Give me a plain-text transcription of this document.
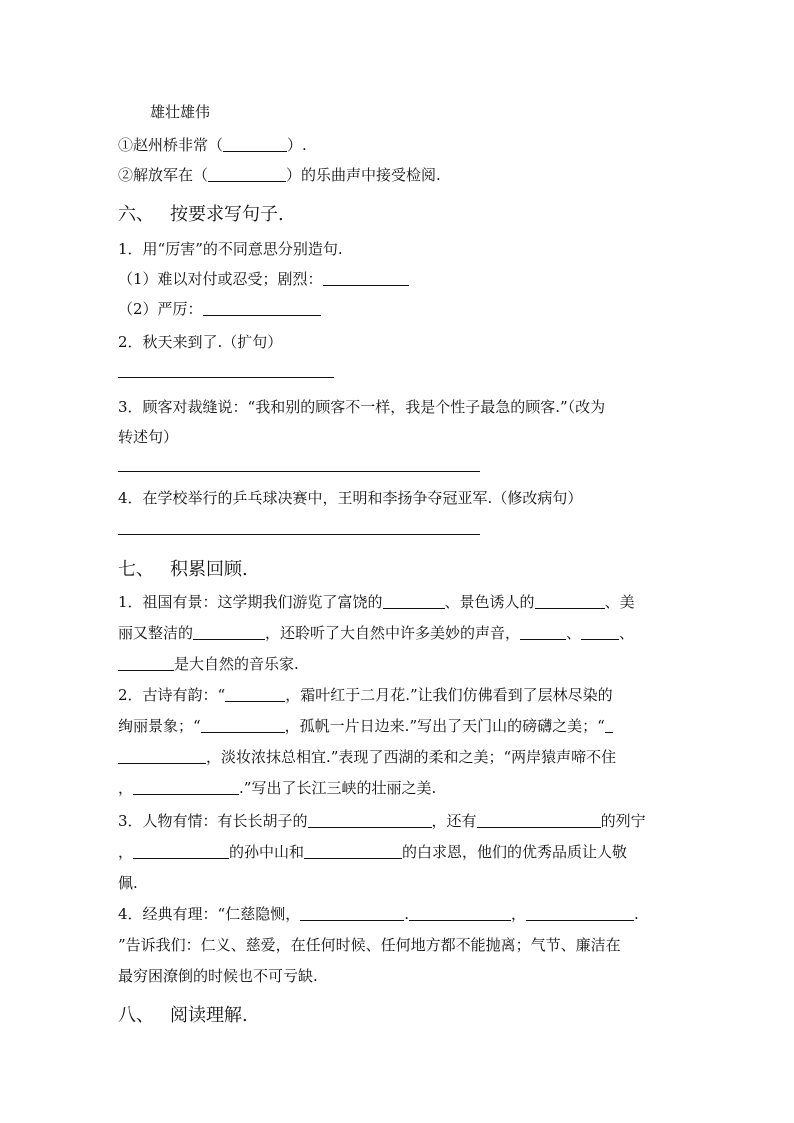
雄壮雄伟
①赵州桥非常（	）.
②解放军在（	）的乐曲声中接受检阅.
六、 按要求写句子.
1．用“厉害”的不同意思分别造句.
（1）难以对付或忍受；剧烈：
（2）严厉：
2．秋天来到了.（扩句）
3．顾客对裁缝说：“我和别的顾客不一样，我是个性子最急的顾客.”（改为
转述句）
4．在学校举行的乒乓球决赛中，王明和李扬争夺冠亚军.（修改病句）
七、 积累回顾.
1．祖国有景：这学期我们游览了富饶的	、景色诱人的	、美
丽又整洁的	，还聆听了大自然中许多美妙的声音，	、	、
是大自然的音乐家.
2．古诗有韵：“	，霜叶红于二月花.”让我们仿佛看到了层林尽染的
绚丽景象；“	，孤帆一片日边来.”写出了天门山的磅礴之美；“
，淡妆浓抹总相宜.”表现了西湖的柔和之美；“两岸猿声啼不住
，	.”写出了长江三峡的壮丽之美.
3．人物有情：有长长胡子的	，还有	的列宁
，	的孙中山和	的白求恩，他们的优秀品质让人敬
佩.
4．经典有理：“仁慈隐恻，	.	，	.
”告诉我们：仁义、慈爱，在任何时候、任何地方都不能抛离；气节、廉洁在
最穷困潦倒的时候也不可亏缺.
八、 阅读理解.
